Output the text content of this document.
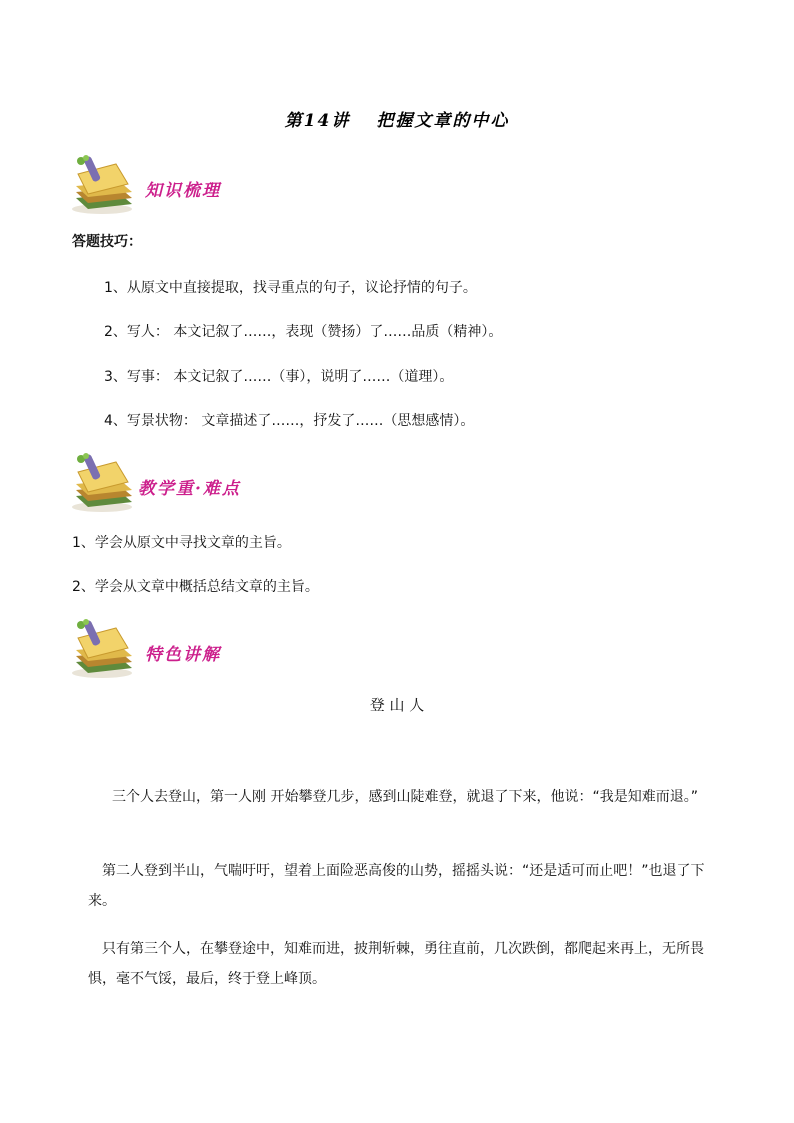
第14讲 把握文章的中心
知识梳理
答题技巧：
1、从原文中直接提取，找寻重点的句子，议论抒情的句子。
2、写人： 本文记叙了……，表现（赞扬）了……品质（精神）。
3、写事： 本文记叙了……（事），说明了……（道理）。
4、写景状物： 文章描述了……，抒发了……（思想感情）。
教学重·难点
1、学会从原文中寻找文章的主旨。
2、学会从文章中概括总结文章的主旨。
特色讲解
登 山 人
三个人去登山，第一人刚 开始攀登几步，感到山陡难登，就退了下来，他说：“我是知难而退。”
第二人登到半山，气喘吁吁，望着上面险恶高俊的山势，摇摇头说：“还是适可而止吧！”也退了下来。
只有第三个人，在攀登途中，知难而进，披荆斩棘，勇往直前，几次跌倒，都爬起来再上，无所畏惧，毫不气馁，最后，终于登上峰顶。
